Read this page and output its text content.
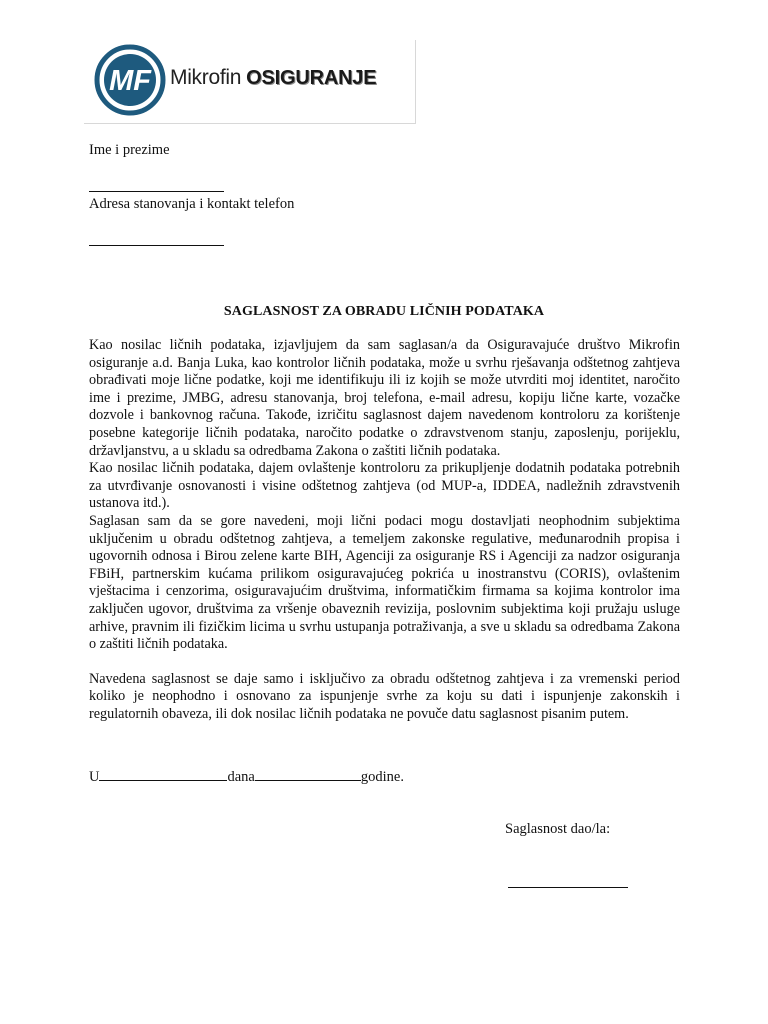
MF Mikrofin OSIGURANJE
Ime i prezime
Adresa stanovanja i kontakt telefon
SAGLASNOST ZA OBRADU LIČNIH PODATAKA

Kao nosilac ličnih podataka, izjavljujem da sam saglasan/a da Osiguravajuće društvo Mikrofin osiguranje a.d. Banja Luka, kao kontrolor ličnih podataka, može u svrhu rješavanja odštetnog zahtjeva obrađivati moje lične podatke, koji me identifikuju ili iz kojih se može utvrditi moj identitet, naročito ime i prezime, JMBG, adresu stanovanja, broj telefona, e-mail adresu, kopiju lične karte, vozačke dozvole i bankovnog računa. Takođe, izričitu saglasnost dajem navedenom kontroloru za korištenje posebne kategorije ličnih podataka, naročito podatke o zdravstvenom stanju, zaposlenju, porijeklu, državljanstvu, a u skladu sa odredbama Zakona o zaštiti ličnih podataka.

Kao nosilac ličnih podataka, dajem ovlaštenje kontroloru za prikupljenje dodatnih podataka potrebnih za utvrđivanje osnovanosti i visine odštetnog zahtjeva (od MUP-a, IDDEA, nadležnih zdravstvenih ustanova itd.).

Saglasan sam da se gore navedeni, moji lični podaci mogu dostavljati neophodnim subjektima uključenim u obradu odštetnog zahtjeva, a temeljem zakonske regulative, međunarodnih propisa i ugovornih odnosa i Birou zelene karte BIH, Agenciji za osiguranje RS i Agenciji za nadzor osiguranja FBiH, partnerskim kućama prilikom osiguravajućeg pokrića u inostranstvu (CORIS), ovlaštenim vještacima i cenzorima, osiguravajućim društvima, informatičkim firmama sa kojima kontrolor ima zaključen ugovor, društvima za vršenje obaveznih revizija, poslovnim subjektima koji pružaju usluge arhive, pravnim ili fizičkim licima u svrhu ustupanja potraživanja, a sve u skladu sa odredbama Zakona o zaštiti ličnih podataka.

Navedena saglasnost se daje samo i isključivo za obradu odštetnog zahtjeva i za vremenski period koliko je neophodno i osnovano za ispunjenje svrhe za koju su dati i ispunjenje zakonskih i regulatornih obaveza, ili dok nosilac ličnih podataka ne povuče datu saglasnost pisanim putem.

U	dana	godine.
Saglasnost dao/la:
